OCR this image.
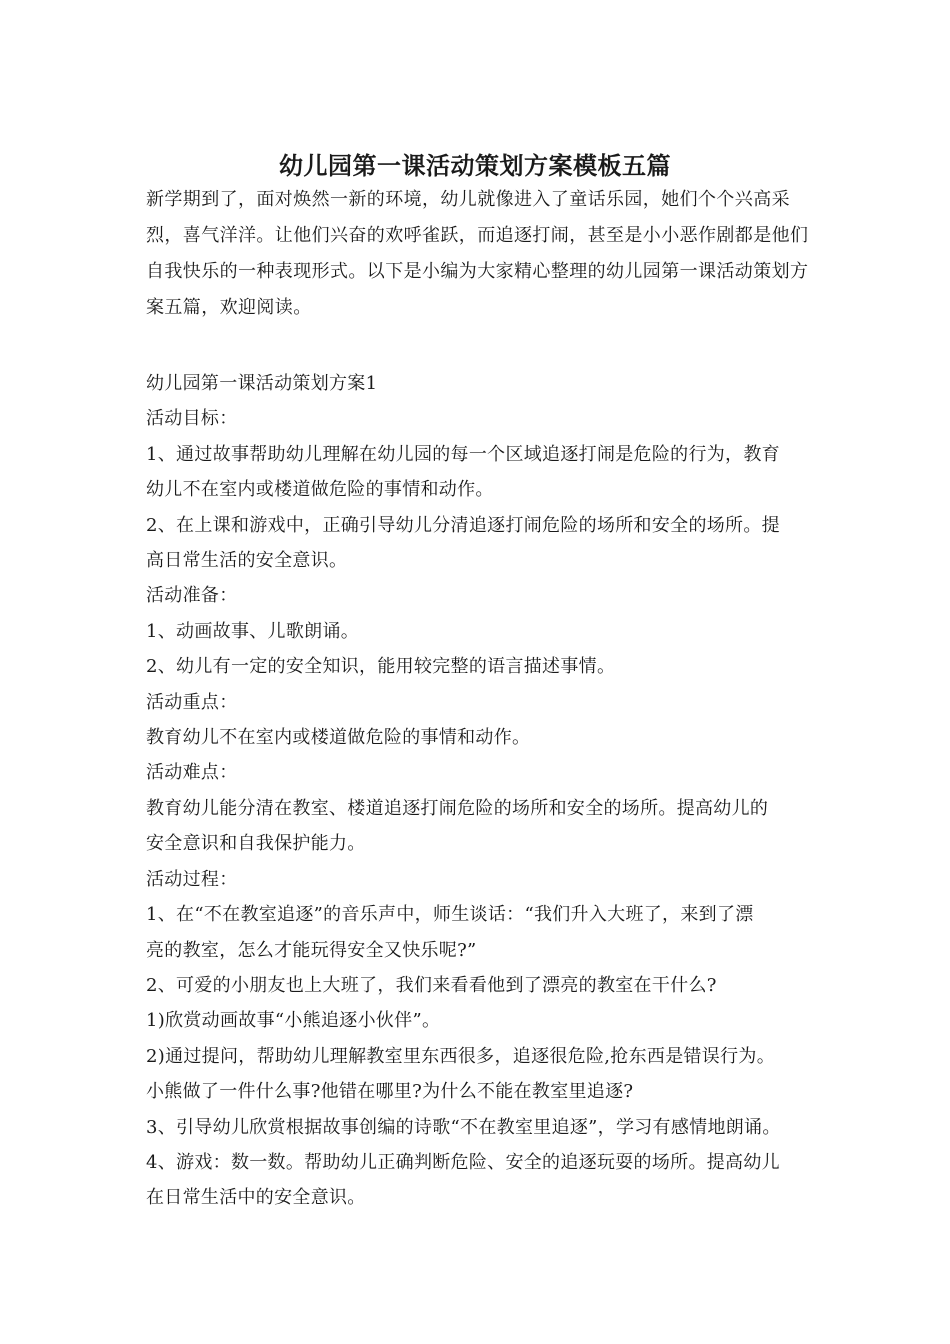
幼儿园第一课活动策划方案模板五篇

新学期到了，面对焕然一新的环境，幼儿就像进入了童话乐园，她们个个兴高采烈，喜气洋洋。让他们兴奋的欢呼雀跃，而追逐打闹，甚至是小小恶作剧都是他们自我快乐的一种表现形式。以下是小编为大家精心整理的幼儿园第一课活动策划方案五篇，欢迎阅读。

幼儿园第一课活动策划方案1

活动目标：

1、通过故事帮助幼儿理解在幼儿园的每一个区域追逐打闹是危险的行为，教育

幼儿不在室内或楼道做危险的事情和动作。

2、在上课和游戏中，正确引导幼儿分清追逐打闹危险的场所和安全的场所。提

高日常生活的安全意识。

活动准备：

1、动画故事、儿歌朗诵。

2、幼儿有一定的安全知识，能用较完整的语言描述事情。

活动重点：

教育幼儿不在室内或楼道做危险的事情和动作。

活动难点：

教育幼儿能分清在教室、楼道追逐打闹危险的场所和安全的场所。提高幼儿的

安全意识和自我保护能力。

活动过程：

1、在“不在教室追逐”的音乐声中，师生谈话：“我们升入大班了，来到了漂

亮的教室，怎么才能玩得安全又快乐呢?”

2、可爱的小朋友也上大班了，我们来看看他到了漂亮的教室在干什么?

1)欣赏动画故事“小熊追逐小伙伴”。

2)通过提问，帮助幼儿理解教室里东西很多，追逐很危险,抢东西是错误行为。

小熊做了一件什么事?他错在哪里?为什么不能在教室里追逐?

3、引导幼儿欣赏根据故事创编的诗歌“不在教室里追逐”，学习有感情地朗诵。

4、游戏：数一数。帮助幼儿正确判断危险、安全的追逐玩耍的场所。提高幼儿

在日常生活中的安全意识。
